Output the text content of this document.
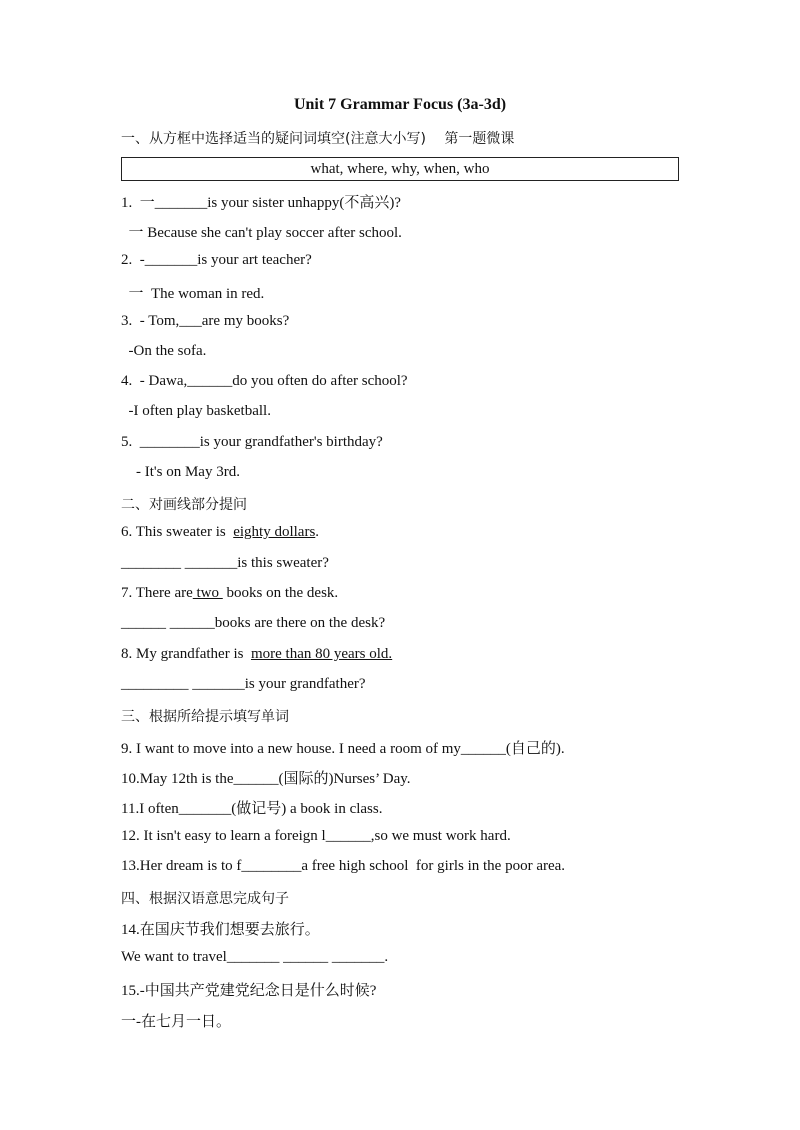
Unit 7 Grammar Focus (3a-3d)
一、从方框中选择适当的疑问词填空(注意大小写)　 第一题微课
what, where, why, when, who
1.  一_______is your sister unhappy(不高兴)?
一 Because she can't play soccer after school.
2.  -_______is your art teacher?
一  The woman in red.
3.  - Tom,___are my books?
-On the sofa.
4.  - Dawa,______do you often do after school?
-I often play basketball.
5.  ________is your grandfather's birthday?
- It's on May 3rd.
二、对画线部分提问
6. This sweater is  eighty dollars.
________ _______is this sweater?
7. There are two  books on the desk.
______ ______books are there on the desk?
8. My grandfather is  more than 80 years old.
_________ _______is your grandfather?
三、根据所给提示填写单词
9. I want to move into a new house. I need a room of my______(自己的).
10.May 12th is the______(国际的)Nurses’ Day.
11.I often_______(做记号) a book in class.
12. It isn't easy to learn a foreign l______,so we must work hard.
13.Her dream is to f________a free high school  for girls in the poor area.
四、根据汉语意思完成句子
14.在国庆节我们想要去旅行。
We want to travel_______ ______ _______.
15.-中国共产党建党纪念日是什么时候?
一-在七月一日。
